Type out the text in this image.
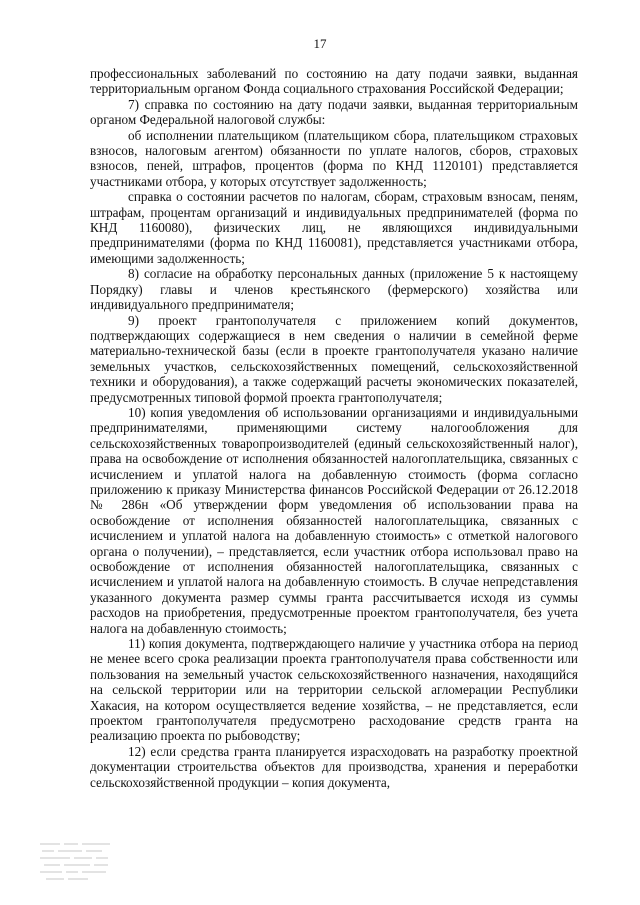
17

профессиональных заболеваний по состоянию на дату подачи заявки, выданная территориальным органом Фонда социального страхования Российской Федерации;

7) справка по состоянию на дату подачи заявки, выданная территориальным органом Федеральной налоговой службы:

об исполнении плательщиком (плательщиком сбора, плательщиком страховых взносов, налоговым агентом) обязанности по уплате налогов, сборов, страховых взносов, пеней, штрафов, процентов (форма по КНД 1120101) представляется участниками отбора, у которых отсутствует задолженность;

справка о состоянии расчетов по налогам, сборам, страховым взносам, пеням, штрафам, процентам организаций и индивидуальных предпринимателей (форма по КНД 1160080), физических лиц, не являющихся индивидуальными предпринимателями (форма по КНД 1160081), представляется участниками отбора, имеющими задолженность;

8) согласие на обработку персональных данных (приложение 5 к настоящему Порядку) главы и членов крестьянского (фермерского) хозяйства или индивидуального предпринимателя;

9) проект грантополучателя с приложением копий документов, подтверждающих содержащиеся в нем сведения о наличии в семейной ферме материально-технической базы (если в проекте грантополучателя указано наличие земельных участков, сельскохозяйственных помещений, сельскохозяйственной техники и оборудования), а также содержащий расчеты экономических показателей, предусмотренных типовой формой проекта грантополучателя;

10) копия уведомления об использовании организациями и индивидуальными предпринимателями, применяющими систему налогообложения для сельскохозяйственных товаропроизводителей (единый сельскохозяйственный налог), права на освобождение от исполнения обязанностей налогоплательщика, связанных с исчислением и уплатой налога на добавленную стоимость (форма согласно приложению к приказу Министерства финансов Российской Федерации от 26.12.2018 № 286н «Об утверждении форм уведомления об использовании права на освобождение от исполнения обязанностей налогоплательщика, связанных с исчислением и уплатой налога на добавленную стоимость» с отметкой налогового органа о получении), – представляется, если участник отбора использовал право на освобождение от исполнения обязанностей налогоплательщика, связанных с исчислением и уплатой налога на добавленную стоимость. В случае непредставления указанного документа размер суммы гранта рассчитывается исходя из суммы расходов на приобретения, предусмотренные проектом грантополучателя, без учета налога на добавленную стоимость;

11) копия документа, подтверждающего наличие у участника отбора на период не менее всего срока реализации проекта грантополучателя права собственности или пользования на земельный участок сельскохозяйственного назначения, находящийся на сельской территории или на территории сельской агломерации Республики Хакасия, на котором осуществляется ведение хозяйства, – не представляется, если проектом грантополучателя предусмотрено расходование средств гранта на реализацию проекта по рыбоводству;

12) если средства гранта планируется израсходовать на разработку проектной документации строительства объектов для производства, хранения и переработки сельскохозяйственной продукции – копия документа,
